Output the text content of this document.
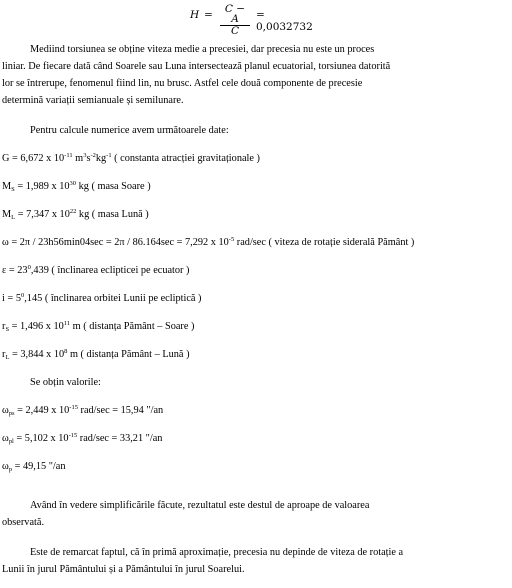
H =	C − A
C
= 0,0032732
Mediind torsiunea se obține viteza medie a precesiei, dar precesia nu este un proces
liniar. De fiecare dată când Soarele sau Luna intersectează planul ecuatorial, torsiunea datorită
lor se întrerupe, fenomenul fiind lin, nu brusc. Astfel cele două componente de precesie
determină variații semianuale și semilunare.
Pentru calcule numerice avem următoarele date:
G = 6,672 x $10^{-11}$ $m^3s^{-2}kg^{-1}$ ( constanta atracției gravitaționale )
$M_S = 1,989$ x $10^{30}$ kg ( masa Soare )
$M_L = 7,347$ x $10^{22}$ kg ( masa Lună )
ω = 2π / 23h56min04sec = 2π / 86.164sec = 7,292 x $10^{-5}$ rad/sec ( viteza de rotație siderală Pământ )
$\varepsilon = 23^0,439$ ( înclinarea eclipticei pe ecuator )
$i = 5^0,145$ ( înclinarea orbitei Lunii pe ecliptică )
$r_S = 1,496$ x $10^{11}$ m ( distanța Pământ – Soare )
$r_L = 3,844$ x $10^8$ m ( distanța Pământ – Lună )
Se obțin valorile:
$\omega_{ps} = 2,449$ x $10^{-15}$ rad/sec = 15,94 "/an
$\omega_{pl} = 5,102$ x $10^{-15}$ rad/sec = 33,21 "/an
$\omega_p = 49,15$ "/an
Având în vedere simplificările făcute, rezultatul este destul de aproape de valoarea
observată.
Este de remarcat faptul, că în primă aproximație, precesia nu depinde de viteza de rotație a
Lunii în jurul Pământului și a Pământului în jurul Soarelui.
